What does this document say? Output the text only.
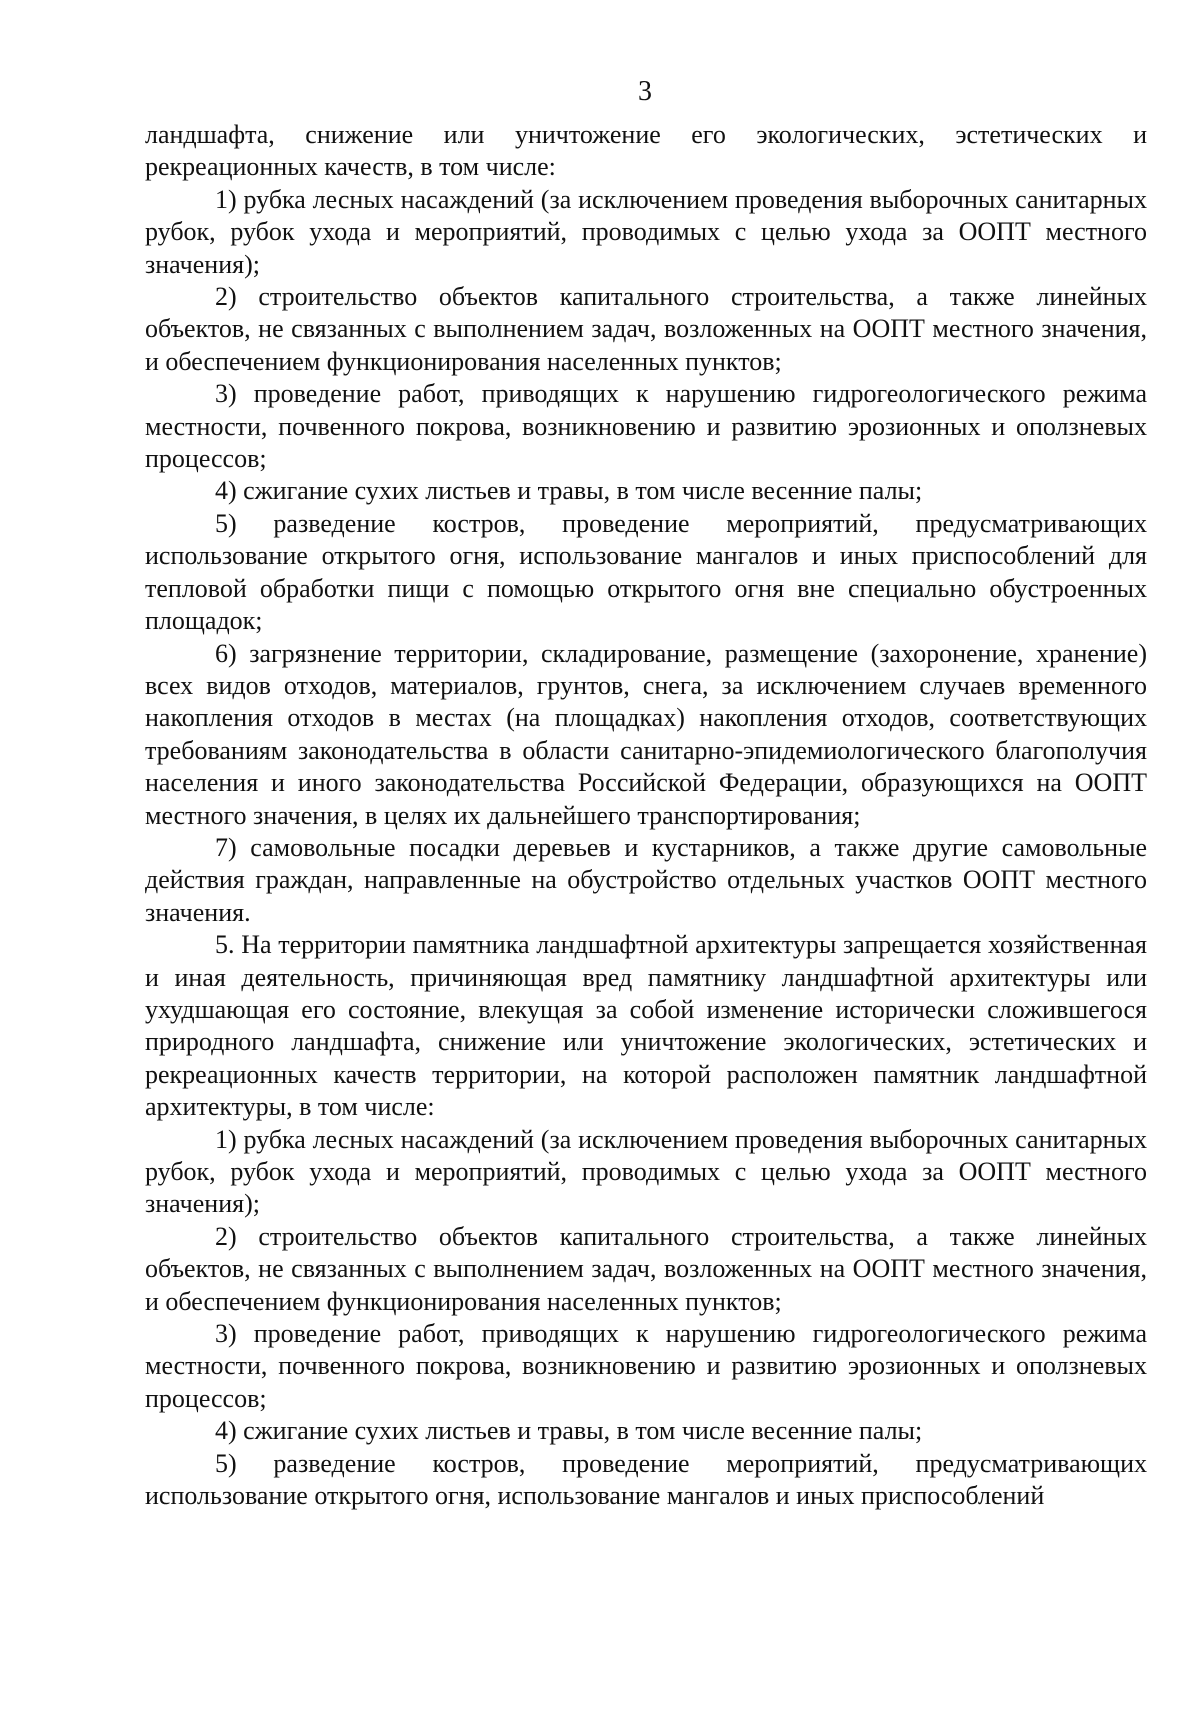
3

ландшафта, снижение или уничтожение его экологических, эстетических и рекреационных качеств, в том числе:

1) рубка лесных насаждений (за исключением проведения выборочных санитарных рубок, рубок ухода и мероприятий, проводимых с целью ухода за ООПТ местного значения);

2) строительство объектов капитального строительства, а также линейных объектов, не связанных с выполнением задач, возложенных на ООПТ местного значения, и обеспечением функционирования населенных пунктов;

3) проведение работ, приводящих к нарушению гидрогеологического режима местности, почвенного покрова, возникновению и развитию эрозионных и оползневых процессов;

4) сжигание сухих листьев и травы, в том числе весенние палы;

5) разведение костров, проведение мероприятий, предусматривающих использование открытого огня, использование мангалов и иных приспособлений для тепловой обработки пищи с помощью открытого огня вне специально обустроенных площадок;

6) загрязнение территории, складирование, размещение (захоронение, хранение) всех видов отходов, материалов, грунтов, снега, за исключением случаев временного накопления отходов в местах (на площадках) накопления отходов, соответствующих требованиям законодательства в области санитарно-эпидемиологического благополучия населения и иного законодательства Российской Федерации, образующихся на ООПТ местного значения, в целях их дальнейшего транспортирования;

7) самовольные посадки деревьев и кустарников, а также другие самовольные действия граждан, направленные на обустройство отдельных участков ООПТ местного значения.

5. На территории памятника ландшафтной архитектуры запрещается хозяйственная и иная деятельность, причиняющая вред памятнику ландшафтной архитектуры или ухудшающая его состояние, влекущая за собой изменение исторически сложившегося природного ландшафта, снижение или уничтожение экологических, эстетических и рекреационных качеств территории, на которой расположен памятник ландшафтной архитектуры, в том числе:

1) рубка лесных насаждений (за исключением проведения выборочных санитарных рубок, рубок ухода и мероприятий, проводимых с целью ухода за ООПТ местного значения);

2) строительство объектов капитального строительства, а также линейных объектов, не связанных с выполнением задач, возложенных на ООПТ местного значения, и обеспечением функционирования населенных пунктов;

3) проведение работ, приводящих к нарушению гидрогеологического режима местности, почвенного покрова, возникновению и развитию эрозионных и оползневых процессов;

4) сжигание сухих листьев и травы, в том числе весенние палы;

5) разведение костров, проведение мероприятий, предусматривающих использование открытого огня, использование мангалов и иных приспособлений
